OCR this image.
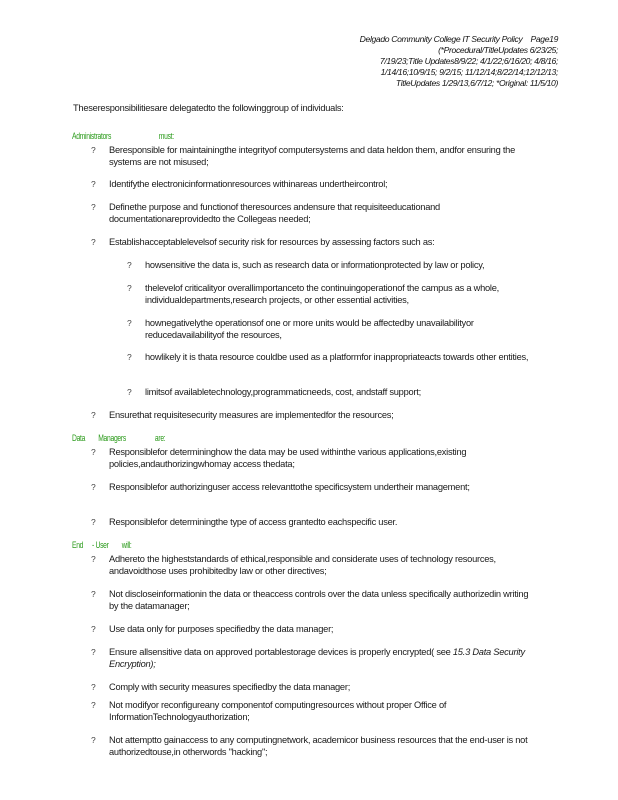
Delgado Community College IT Security Policy Page19
(*Procedural/TitleUpdates 6/23/25;
7/19/23;Title Updates8/9/22; 4/1/22;6/16/20; 4/8/16;
1/14/16;10/9/15; 9/2/15; 11/12/14;8/22/14;12/12/13;
TitleUpdates 1/29/13,6/7/12; *Original: 11/5/10)
Theseresponsibilitiesare delegatedto the followinggroup of individuals:
Administrators	must:
? Beresponsible for maintainingthe integrityof computersystems and data heldon them, andfor ensuring the systems are not misused;
? Identifythe electronicinformationresources withinareas undertheircontrol;
? Definethe purpose and functionof theresources andensure that requisiteeducationand documentationareprovidedto the Collegeas needed;
? Establishacceptablelevelsof security risk for resources by assessing factors such as:
? howsensitive the data is, such as research data or informationprotected by law or policy,
? thelevelof criticalityor overallimportanceto the continuingoperationof the campus as a whole, individualdepartments,research projects, or other essential activities,
? hownegativelythe operationsof one or more units would be affectedby unavailabilityor reducedavailabilityof the resources,
? howlikely it is thata resource couldbe used as a platformfor inappropriateacts towards other entities,
? limitsof availabletechnology,programmaticneeds, cost, andstaff support;
? Ensurethat requisitesecurity measures are implementedfor the resources;
Data Managers	are:
? Responsiblefor determininghow the data may be used withinthe various applications,existing policies,andauthorizingwhomay access thedata;
? Responsiblefor authorizinguser access relevanttothe specificsystem undertheir management;
? Responsiblefor determiningthe type of access grantedto eachspecific user.
End - User will:
? Adhereto the higheststandards of ethical,responsible and considerate uses of technology resources, andavoidthose uses prohibitedby law or other directives;
? Not discloseinformationin the data or theaccess controls over the data unless specifically authorizedin writing by the datamanager;
? Use data only for purposes specifiedby the data manager;
? Ensure allsensitive data on approved portablestorage devices is properly encrypted( see 15.3 Data Security Encryption);
? Comply with security measures specifiedby the data manager;
? Not modifyor reconfigureany componentof computingresources without proper Office of InformationTechnologyauthorization;
? Not attemptto gainaccess to any computingnetwork, academicor business resources that the end-user is not authorizedtouse,in otherwords "hacking";
